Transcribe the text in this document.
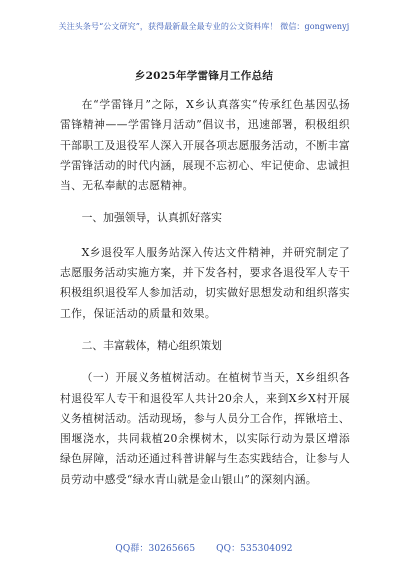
关注头条号“公文研究”，获得最新最全最专业的公文资料库！ 微信：gongwenyj
乡2025年学雷锋月工作总结

在“学雷锋月”之际，X乡认真落实“传承红色基因弘扬雷锋精神——学雷锋月活动”倡议书，迅速部署，积极组织干部职工及退役军人深入开展各项志愿服务活动，不断丰富学雷锋活动的时代内涵，展现不忘初心、牢记使命、忠诚担当、无私奉献的志愿精神。

一、加强领导，认真抓好落实

X乡退役军人服务站深入传达文件精神，并研究制定了志愿服务活动实施方案，并下发各村，要求各退役军人专干积极组织退役军人参加活动，切实做好思想发动和组织落实工作，保证活动的质量和效果。

二、丰富载体，精心组织策划

（一）开展义务植树活动。在植树节当天，X乡组织各村退役军人专干和退役军人共计20余人，来到X乡X村开展义务植树活动。活动现场，参与人员分工合作，挥锹培土、围堰浇水，共同栽植20余棵树木，以实际行动为景区增添绿色屏障，活动还通过科普讲解与生态实践结合，让参与人员劳动中感受“绿水青山就是金山银山”的深刻内涵。

QQ群：30265665 QQ：535304092
